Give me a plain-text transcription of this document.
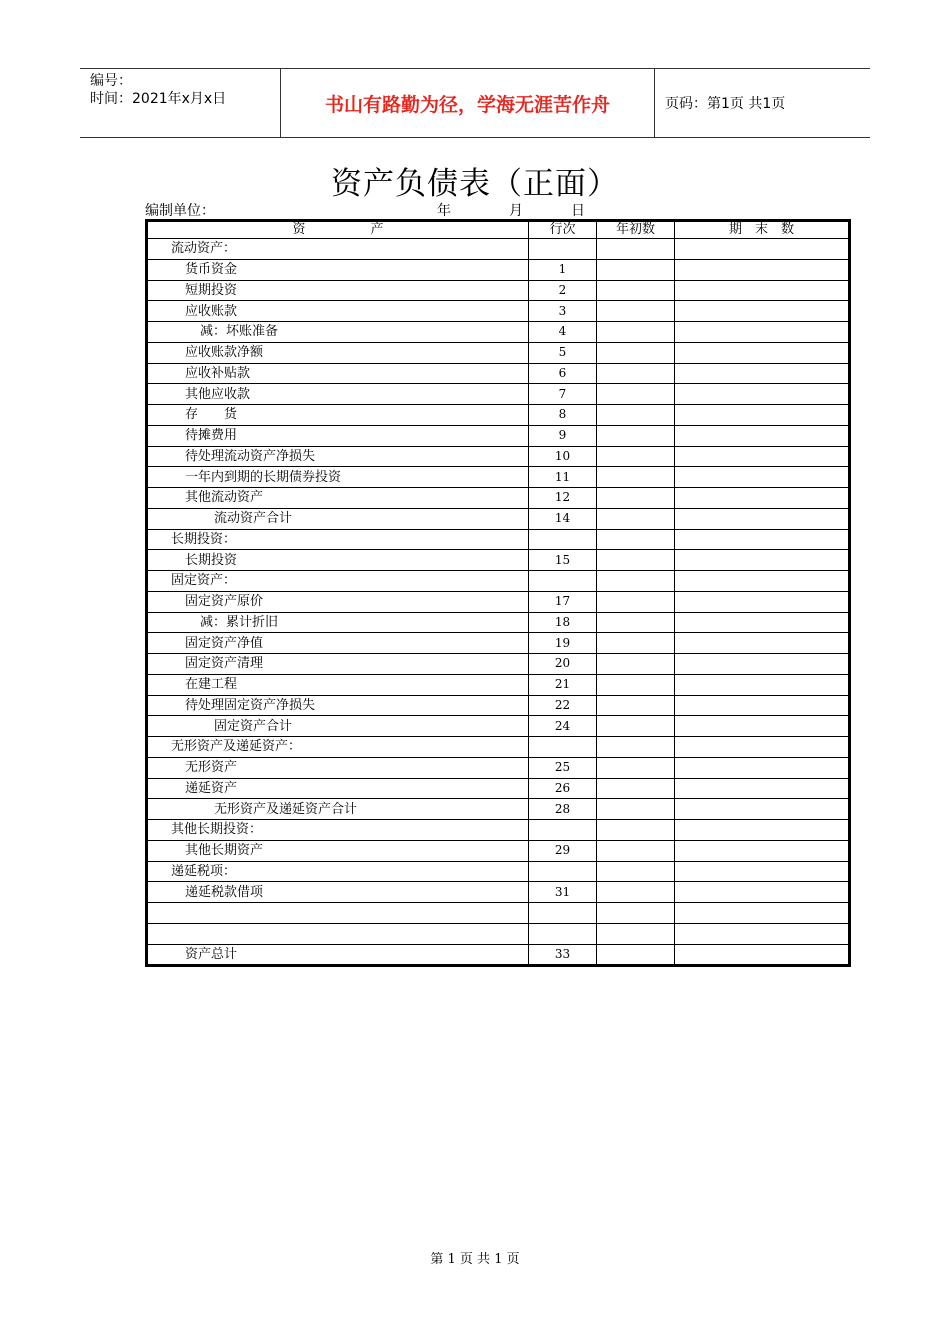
编号：
时间：2021年x月x日	书山有路勤为径，学海无涯苦作舟	页码：第1页 共1页
资产负债表（正面）
编制单位：	年	月	日
资　　　　　产	行次	年初数	期　末　数
流动资产：			
货币资金	1		
短期投资	2		
应收账款	3		
减：坏账准备	4		
应收账款净额	5		
应收补贴款	6		
其他应收款	7		
存　　货	8		
待摊费用	9		
待处理流动资产净损失	10		
一年内到期的长期债券投资	11		
其他流动资产	12		
流动资产合计	14		
长期投资：			
长期投资	15		
固定资产：			
固定资产原价	17		
减：累计折旧	18		
固定资产净值	19		
固定资产清理	20		
在建工程	21		
待处理固定资产净损失	22		
固定资产合计	24		
无形资产及递延资产：			
无形资产	25		
递延资产	26		
无形资产及递延资产合计	28		
其他长期投资：			
其他长期资产	29		
递延税项：			
递延税款借项	31		

资产总计	33		
第 1 页 共 1 页
